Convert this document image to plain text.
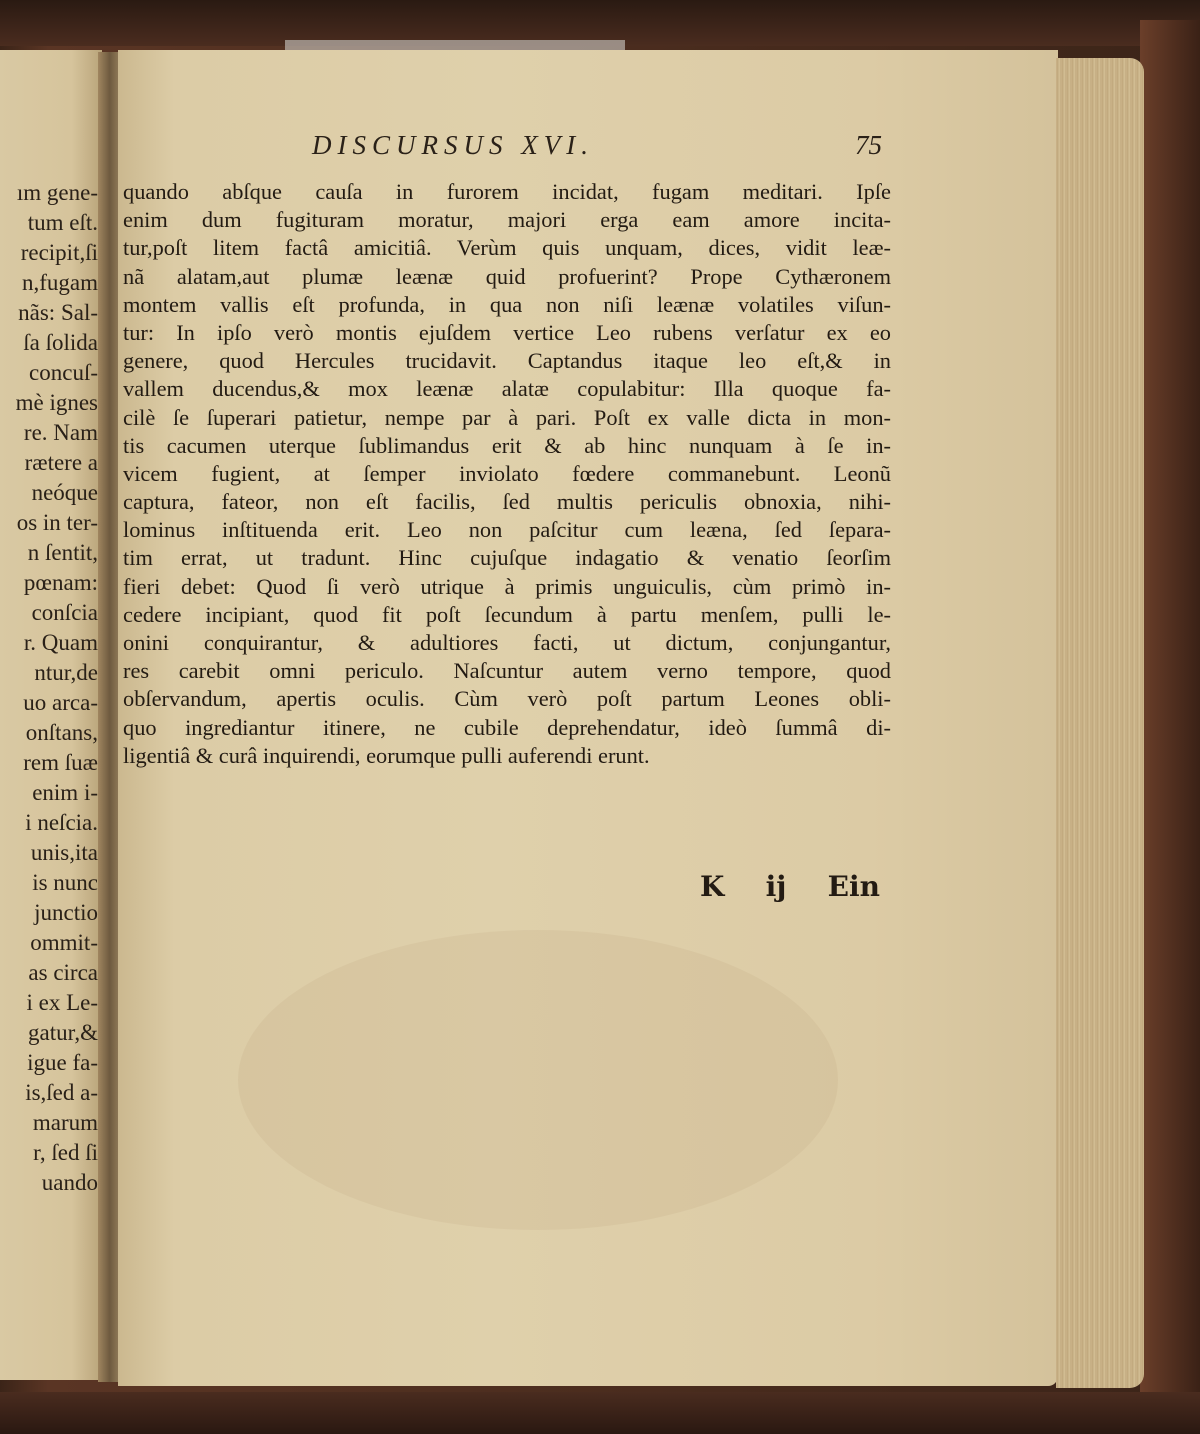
ım gene-
tum eſt.
recipit,ſi
n,fugam
nãs: Sal-
ſa ſolida
concuſ-
mè ignes
re. Nam
rætere a
neóque
os in ter-
n ſentit,
pœnam:
conſcia
r. Quam
ntur,de
uo arca-
onſtans,
rem ſuæ
enim i-
i neſcia.
unis,ita
is nunc
junctio
ommit-
as circa
i ex Le-
gatur,&
igue fa-
is,ſed a-
marum
r, ſed ſi
uando
DISCURSUS XVI.	75
quando abſque cauſa in furorem incidat, fugam meditari. Ipſe
enim dum fugituram moratur, majori erga eam amore incita-
tur,poſt litem factâ amicitiâ. Verùm quis unquam, dices, vidit leæ-
nã alatam,aut plumæ leænæ quid profuerint? Prope Cythæronem
montem vallis eſt profunda, in qua non niſi leænæ volatiles viſun-
tur: In ipſo verò montis ejuſdem vertice Leo rubens verſatur ex eo
genere, quod Hercules trucidavit. Captandus itaque leo eſt,& in
vallem ducendus,& mox leænæ alatæ copulabitur: Illa quoque fa-
cilè ſe ſuperari patietur, nempe par à pari. Poſt ex valle dicta in mon-
tis cacumen uterque ſublimandus erit & ab hinc nunquam à ſe in-
vicem fugient, at ſemper inviolato fœdere commanebunt. Leonũ
captura, fateor, non eſt facilis, ſed multis periculis obnoxia, nihi-
lominus inſtituenda erit. Leo non paſcitur cum leæna, ſed ſepara-
tim errat, ut tradunt. Hinc cujuſque indagatio & venatio ſeorſim
fieri debet: Quod ſi verò utrique à primis unguiculis, cùm primò in-
cedere incipiant, quod fit poſt ſecundum à partu menſem, pulli le-
onini conquirantur, & adultiores facti, ut dictum, conjungantur,
res carebit omni periculo. Naſcuntur autem verno tempore, quod
obſervandum, apertis oculis. Cùm verò poſt partum Leones obli-
quo ingrediantur itinere, ne cubile deprehendatur, ideò ſummâ di-
ligentiâ & curâ inquirendi, eorumque pulli auferendi erunt.
K ij Ein
